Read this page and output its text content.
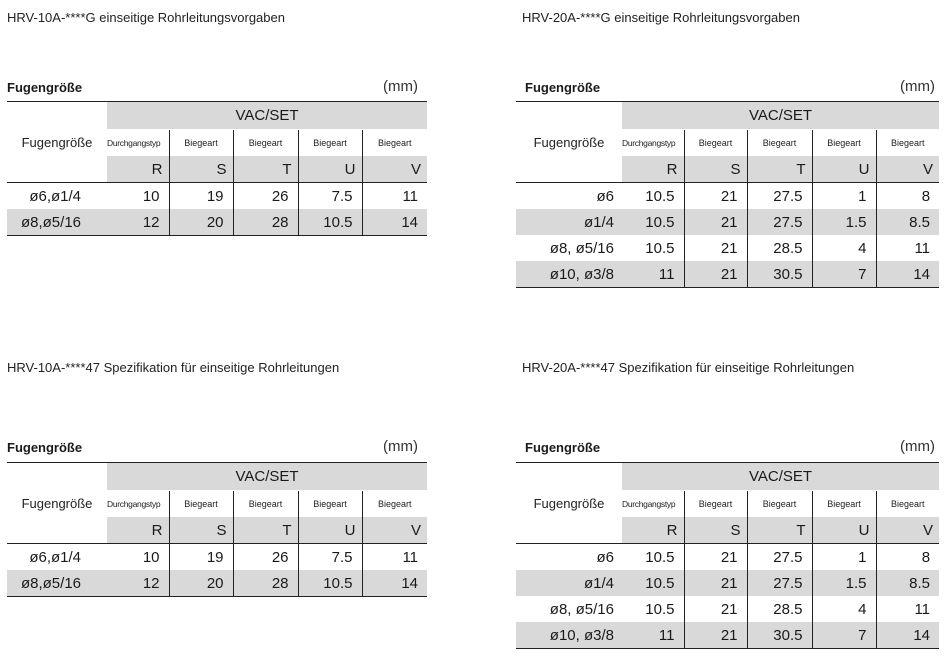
HRV-10A-****G einseitige Rohrleitungsvorgaben
Fugengröße	(mm)
Fugengröße	VAC/SET				
	Durchgangstyp	Biegeart	Biegeart	Biegeart	Biegeart
	R	S	T	U	V
ø6,ø1/4	10	19	26	7.5	11
ø8,ø5/16	12	20	28	10.5	14
HRV-20A-****G einseitige Rohrleitungsvorgaben
Fugengröße	(mm)
Fugengröße	VAC/SET				
	Durchgangstyp	Biegeart	Biegeart	Biegeart	Biegeart
	R	S	T	U	V
ø6	10.5	21	27.5	1	8
ø1/4	10.5	21	27.5	1.5	8.5
ø8, ø5/16	10.5	21	28.5	4	11
ø10, ø3/8	11	21	30.5	7	14
HRV-10A-****47 Spezifikation für einseitige Rohrleitungen
Fugengröße	(mm)
Fugengröße	VAC/SET				
	Durchgangstyp	Biegeart	Biegeart	Biegeart	Biegeart
	R	S	T	U	V
ø6,ø1/4	10	19	26	7.5	11
ø8,ø5/16	12	20	28	10.5	14
HRV-20A-****47 Spezifikation für einseitige Rohrleitungen
Fugengröße	(mm)
Fugengröße	VAC/SET				
	Durchgangstyp	Biegeart	Biegeart	Biegeart	Biegeart
	R	S	T	U	V
ø6	10.5	21	27.5	1	8
ø1/4	10.5	21	27.5	1.5	8.5
ø8, ø5/16	10.5	21	28.5	4	11
ø10, ø3/8	11	21	30.5	7	14
